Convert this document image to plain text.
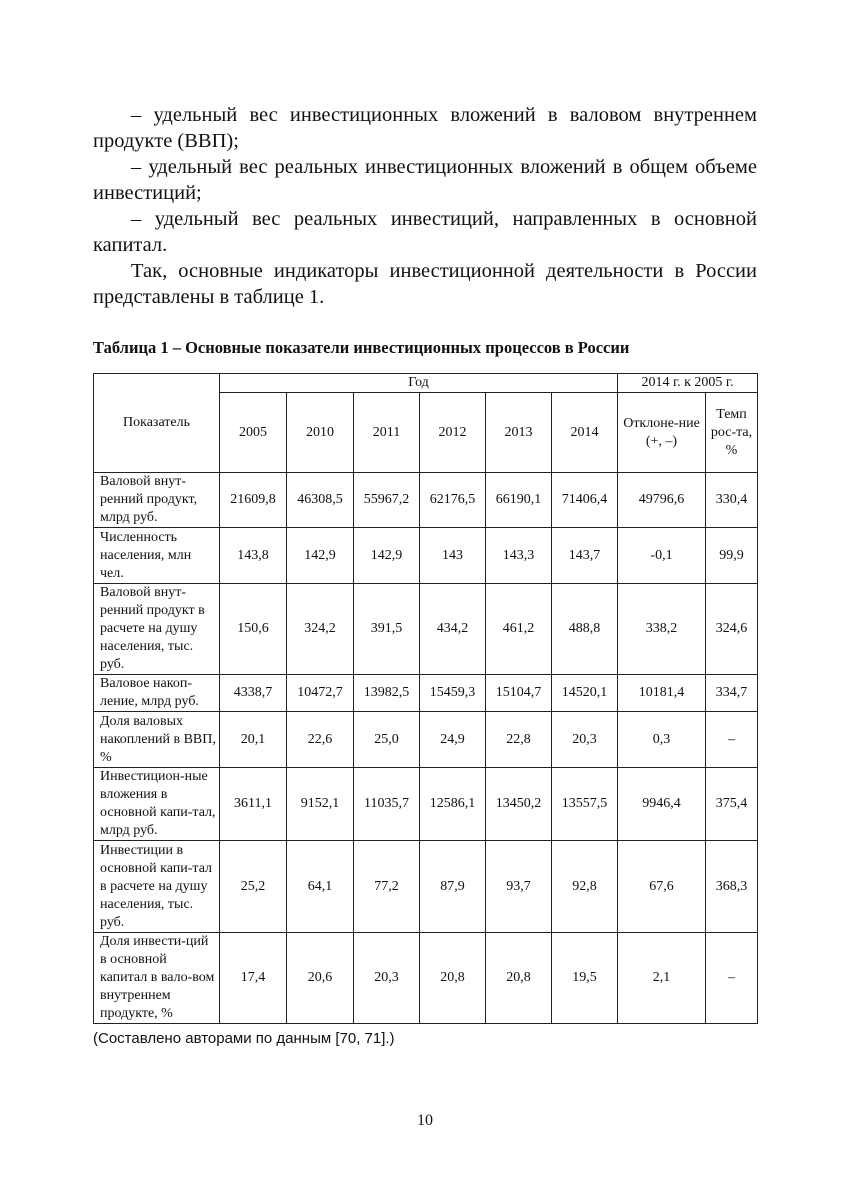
– удельный вес инвестиционных вложений в валовом внутреннем продукте (ВВП);

– удельный вес реальных инвестиционных вложений в общем объеме инвестиций;

– удельный вес реальных инвестиций, направленных в основной капитал.

Так, основные индикаторы инвестиционной деятельности в России представлены в таблице 1.

Таблица 1 – Основные показатели инвестиционных процессов в России
Показатель	Год						2014 г. к 2005 г.	
	2005	2010	2011	2012	2013	2014	Отклоне-ние (+, –)	Темп рос-та, %
Валовой внут-ренний продукт, млрд руб.	21609,8	46308,5	55967,2	62176,5	66190,1	71406,4	49796,6	330,4
Численность населения, млн чел.	143,8	142,9	142,9	143	143,3	143,7	-0,1	99,9
Валовой внут-ренний продукт в расчете на душу населения, тыс. руб.	150,6	324,2	391,5	434,2	461,2	488,8	338,2	324,6
Валовое накоп-ление, млрд руб.	4338,7	10472,7	13982,5	15459,3	15104,7	14520,1	10181,4	334,7
Доля валовых накоплений в ВВП, %	20,1	22,6	25,0	24,9	22,8	20,3	0,3	–
Инвестицион-ные вложения в основной капи-тал, млрд руб.	3611,1	9152,1	11035,7	12586,1	13450,2	13557,5	9946,4	375,4
Инвестиции в основной капи-тал в расчете на душу населения, тыс. руб.	25,2	64,1	77,2	87,9	93,7	92,8	67,6	368,3
Доля инвести-ций в основной капитал в вало-вом внутреннем продукте, %	17,4	20,6	20,3	20,8	20,8	19,5	2,1	–
(Составлено авторами по данным [70, 71].)
10
